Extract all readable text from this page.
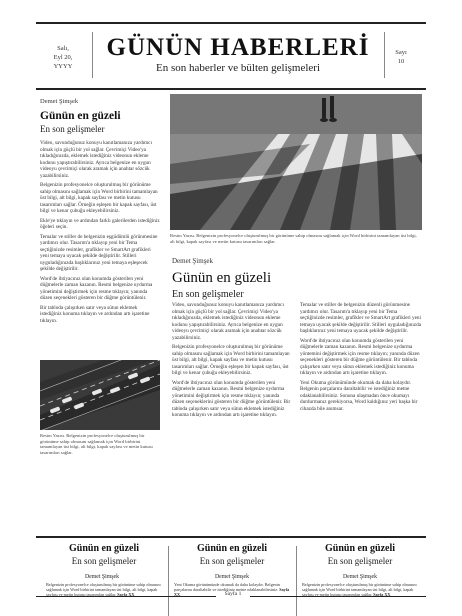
Salı,
Eyl 20,
YYYY
GÜNÜN HABERLERİ
En son haberler ve bülten gelişmeleri
Sayı
10
Demet Şimşek
Günün en güzeli
En son gelişmeler

Video, savunduğunuz konuyu kanıtlamanıza yardımcı olmak için güçlü bir yol sağlar. Çevrimiçi Video'ya tıkladığınızda, eklemek istediğiniz videonun ekleme kodunu yapıştırabilirsiniz. Ayrıca belgenize en uygun videoyu çevrimiçi olarak aramak için anahtar sözcük yazabilirsiniz.

Belgenizin profesyonelce oluşturulmuş bir görünüme sahip olmasını sağlamak için Word birbirini tamamlayan üst bilgi, alt bilgi, kapak sayfası ve metin kutusu tasarımları sağlar. Örneğin eşleşen bir kapak sayfası, üst bilgi ve kenar çubuğu ekleyebilirsiniz.

Ekle'ye tıklayın ve ardından farklı galerilerden istediğiniz öğeleri seçin.

Temalar ve stiller de belgenizin eşgüdümlü görünmesine yardımcı olur. Tasarım'a tıklayıp yeni bir Tema seçtiğinizde resimler, grafikler ve SmartArt grafikleri yeni temaya uyacak şekilde değiştirilir. Stilleri uyguladığınızda başlıklarınız yeni temaya eşleşecek şekilde değiştirilir.

Word'de ihtiyacınız olan konumda gösterilen yeni düğmelerle zaman kazanın. Resmi belgenize uydurma yönetimini değiştirmek için resme tıklayın; yanında düzen seçenekleri gösteren bir düğme görüntülenir.

Bir tabloda çalışırken satır veya sütun eklemek istediğiniz konuma tıklayın ve ardından artı işaretine tıklayın.

Resim Yazısı. Belgenizin profesyonelce oluşturulmuş bir görünüme sahip olmasını sağlamak için Word birbirini tamamlayan üst bilgi, alt bilgi, kapak sayfası ve metin kutusu tasarımları sağlar.
Resim Yazısı. Belgenizin profesyonelce oluşturulmuş bir görünüme sahip olmasını sağlamak için Word birbirini tamamlayan üst bilgi, alt bilgi, kapak sayfası ve metin kutusu tasarımları sağlar.
Demet Şimşek
Günün en güzeli
En son gelişmeler

Video, savunduğunuz konuyu kanıtlamanıza yardımcı olmak için güçlü bir yol sağlar. Çevrimiçi Video'ya tıkladığınızda, eklemek istediğiniz videonun ekleme kodunu yapıştırabilirsiniz. Ayrıca belgenize en uygun videoyu çevrimiçi olarak aramak için anahtar sözcük yazabilirsiniz.

Belgenizin profesyonelce oluşturulmuş bir görünüme sahip olmasını sağlamak için Word birbirini tamamlayan üst bilgi, alt bilgi, kapak sayfası ve metin kutusu tasarımları sağlar. Örneğin eşleşen bir kapak sayfası, üst bilgi ve kenar çubuğu ekleyebilirsiniz.

Word'de ihtiyacınız olan konumda gösterilen yeni düğmelerle zaman kazanın. Resmi belgenize uydurma yönetimini değiştirmek için resme tıklayın; yanında düzen seçeneklerini gösteren bir düğme görüntülenir. Bir tabloda çalışırken satır veya sütun eklemek istediğiniz konuma tıklayın ve ardından artı işaretine tıklayın.

Temalar ve stiller de belgenizin düzenli görünmesine yardımcı olur. Tasarım'a tıklayıp yeni bir Tema seçtiğinizde resimler, grafikler ve SmartArt grafikleri yeni temaya uyacak şekilde değiştirilir. Stilleri uyguladığınızda başlıklarınız yeni temaya uyacak şekilde değiştirilir.

Word'de ihtiyacınız olan konumda gösterilen yeni düğmelerle zaman kazanın. Resmi belgenize uydurma yöntemini değiştirmek için resme tıklayın; yanında düzen seçenekleri gösteren bir düğme görüntülenir. Bir tabloda çalışırken satır veya sütun eklemek istediğiniz konuma tıklayın ve ardından artı işaretine tıklayın.

Yeni Okuma görünümünde okumak da daha kolaydır. Belgenin parçalarını daraltabilir ve istediğiniz metne odaklanabilirsiniz. Sonuna ulaşmadan önce okumayı durdurmanız gerekiyorsa, Word kaldığınız yeri başka bir cihazda bile anımsar.

Günün en güzeli
En son gelişmeler
Günün en güzeli
En son gelişmeler
Günün en güzeli
En son gelişmeler
Demet Şimşek	Demet Şimşek	Demet Şimşek
Belgenizin profesyonelce oluşturulmuş bir görünüme sahip olmasını sağlamak için Word birbirini tamamlayan üst bilgi, alt bilgi, kapak sayfası ve metin kutusu tasarımları sağlar. Sayfa XX
Yeni Okuma görünümünde okumak da daha kolaydır. Belgenin parçalarını daraltabilir ve istediğiniz metne odaklanabilirsiniz. Sayfa XX
Belgenizin profesyonelce oluşturulmuş bir görünüme sahip olmasını sağlamak için Word birbirini tamamlayan üst bilgi, alt bilgi, kapak sayfası ve metin kutusu tasarımları sağlar. Sayfa XX
Sayfa 1
